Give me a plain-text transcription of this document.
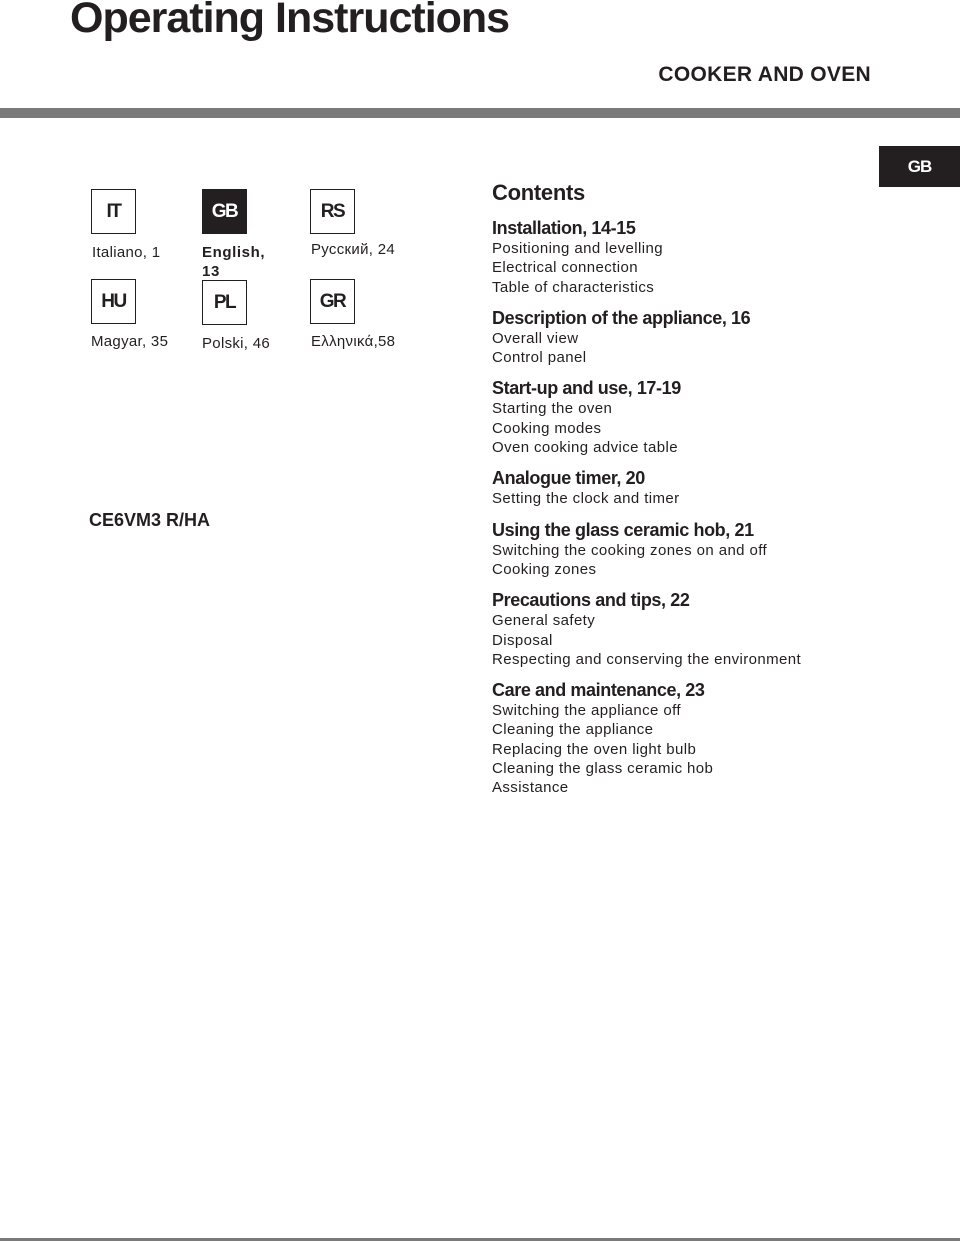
Operating Instructions
COOKER AND OVEN
GB
IT	GB	RS
Italiano, 1	English, 13
Русский, 24
HU	PL	GR
Magyar, 35 Polski, 46	Ελληνικά,58
CE6VM3 R/HA
Contents
Installation, 14-15
Positioning and levelling
Electrical connection
Table of characteristics
Description of the appliance, 16
Overall view
Control panel
Start-up and use, 17-19
Starting the oven
Cooking modes
Oven cooking advice table
Analogue timer, 20
Setting the clock and timer
Using the glass ceramic hob, 21
Switching the cooking zones on and off
Cooking zones
Precautions and tips, 22
General safety
Disposal
Respecting and conserving the environment
Care and maintenance, 23
Switching the appliance off
Cleaning the appliance
Replacing the oven light bulb
Cleaning the glass ceramic hob
Assistance
